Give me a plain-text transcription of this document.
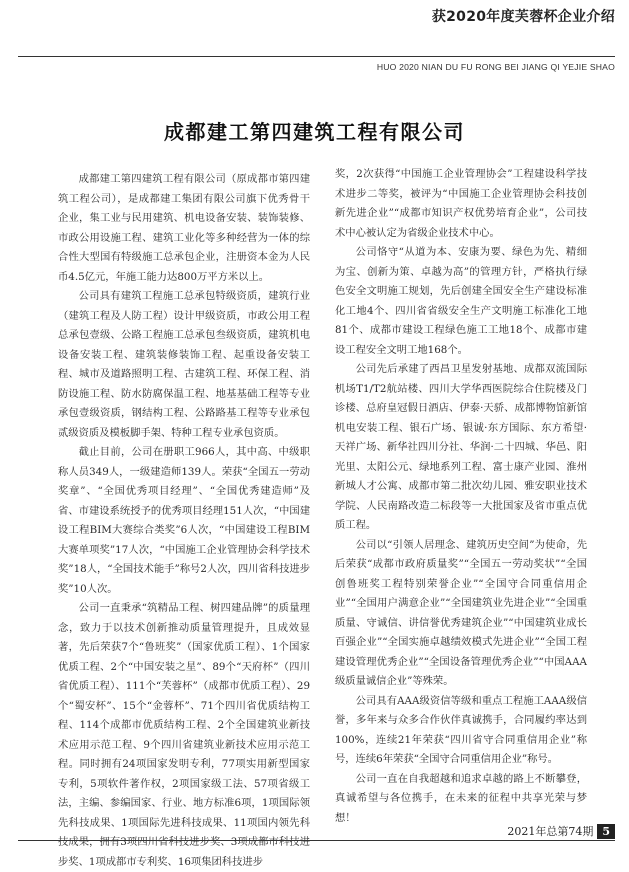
获2020年度芙蓉杯企业介绍
HUO 2020 NIAN DU FU RONG BEI JIANG QI YEJIE SHAO
成都建工第四建筑工程有限公司

成都建工第四建筑工程有限公司（原成都市第四建筑工程公司），是成都建工集团有限公司旗下优秀骨干企业，集工业与民用建筑、机电设备安装、装饰装修、市政公用设施工程、建筑工业化等多种经营为一体的综合性大型国有特级施工总承包企业，注册资本金为人民币4.5亿元，年施工能力达800万平方米以上。

公司具有建筑工程施工总承包特级资质，建筑行业（建筑工程及人防工程）设计甲级资质，市政公用工程总承包壹级、公路工程施工总承包叁级资质，建筑机电设备安装工程、建筑装修装饰工程、起重设备安装工程、城市及道路照明工程、古建筑工程、环保工程、消防设施工程、防水防腐保温工程、地基基础工程等专业承包壹级资质，钢结构工程、公路路基工程等专业承包贰级资质及模板脚手架、特种工程专业承包资质。

截止目前，公司在册职工966人，其中高、中级职称人员349人，一级建造师139人。荣获“全国五一劳动奖章”、“全国优秀项目经理”、“全国优秀建造师”及省、市建设系统授予的优秀项目经理151人次，“中国建设工程BIM大赛综合类奖”6人次，“中国建设工程BIM大赛单项奖”17人次，“中国施工企业管理协会科学技术奖”18人，“全国技术能手”称号2人次，四川省科技进步奖”10人次。

公司一直秉承“筑精品工程、树四建品牌”的质量理念，致力于以技术创新推动质量管理提升，且成效显著，先后荣获7个“鲁班奖”（国家优质工程）、1个国家优质工程、2个“中国安装之星”、89个“天府杯”（四川省优质工程）、111个“芙蓉杯”（成都市优质工程）、29个“蜀安杯”、15个“金蓉杯”、71个四川省优质结构工程、114个成都市优质结构工程、2个全国建筑业新技术应用示范工程、9个四川省建筑业新技术应用示范工程。同时拥有24项国家发明专利，77项实用新型国家专利，5项软件著作权，2项国家级工法、57项省级工法，主编、参编国家、行业、地方标准6项，1项国际领先科技成果、1项国际先进科技成果、11项国内领先科技成果，拥有3项四川省科技进步奖、3项成都市科技进步奖、1项成都市专利奖、16项集团科技进步

奖，2次获得“中国施工企业管理协会”工程建设科学技术进步二等奖，被评为“中国施工企业管理协会科技创新先进企业”“成都市知识产权优势培育企业”，公司技术中心被认定为省级企业技术中心。

公司恪守“从道为本、安康为要、绿色为先、精细为宝、创新为策、卓越为高”的管理方针，严格执行绿色安全文明施工规划，先后创建全国安全生产建设标准化工地4个、四川省省级安全生产文明施工标准化工地81个、成都市建设工程绿色施工工地18个、成都市建设工程安全文明工地168个。

公司先后承建了西昌卫星发射基地、成都双流国际机场T1/T2航站楼、四川大学华西医院综合住院楼及门诊楼、总府皇冠假日酒店、伊泰·天骄、成都博物馆新馆机电安装工程、银石广场、银诚·东方国际、东方希望·天祥广场、新华社四川分社、华润·二十四城、华邑、阳光里、太阳公元、绿地系列工程、富士康产业园、淮州新城人才公寓、成都市第二批次幼儿园、雅安职业技术学院、人民南路改造二标段等一大批国家及省市重点优质工程。

公司以“引领人居理念、建筑历史空间”为使命，先后荣获“成都市政府质量奖”“全国五一劳动奖状”“全国创鲁班奖工程特别荣誉企业”“全国守合同重信用企业”“全国用户满意企业”“全国建筑业先进企业”“全国重质量、守诚信、讲信誉优秀建筑企业”“中国建筑业成长百强企业”“全国实施卓越绩效模式先进企业”“全国工程建设管理优秀企业”“全国设备管理优秀企业”“中国AAA级质量诚信企业”等殊荣。

公司具有AAA级资信等级和重点工程施工AAA级信誉，多年来与众多合作伙伴真诚携手，合同履约率达到100%，连续21年荣获“四川省守合同重信用企业”称号，连续6年荣获“全国守合同重信用企业”称号。

公司一直在自我超越和追求卓越的路上不断攀登，真诚希望与各位携手，在未来的征程中共享光荣与梦想！

2021年总第74期 5
